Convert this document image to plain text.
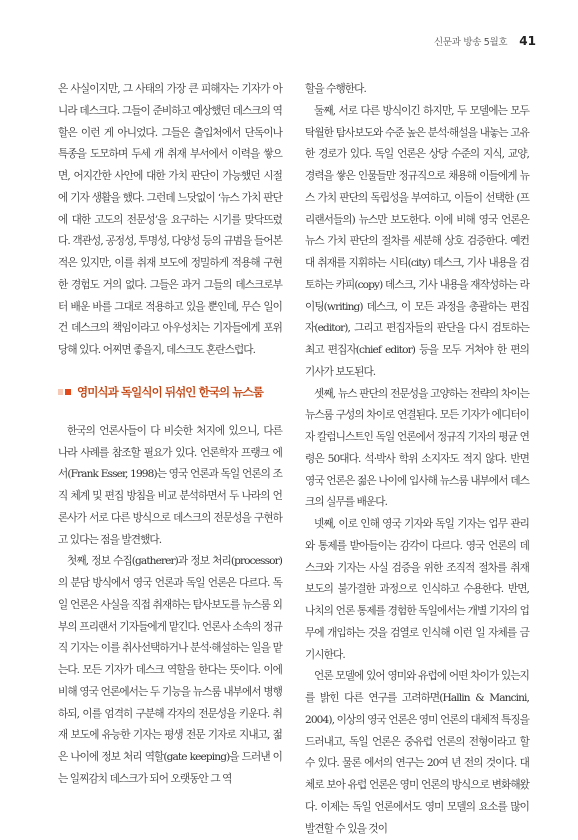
신문과 방송 5월호 41

은 사실이지만, 그 사태의 가장 큰 피해자는 기자가 아니라 데스크다. 그들이 준비하고 예상했던 데스크의 역할은 이런 게 아니었다. 그들은 출입처에서 단독이나 특종을 도모하며 두세 개 취재 부서에서 이력을 쌓으면, 어지간한 사안에 대한 가치 판단이 가능했던 시절에 기자 생활을 했다. 그런데 느닷없이 ‘뉴스 가치 판단에 대한 고도의 전문성’을 요구하는 시기를 맞닥뜨렸다. 객관성, 공정성, 투명성, 다양성 등의 규범을 들어본 적은 있지만, 이를 취재 보도에 정밀하게 적용해 구현한 경험도 거의 없다. 그들은 과거 그들의 데스크로부터 배운 바를 그대로 적용하고 있을 뿐인데, 무슨 일이건 데스크의 책임이라고 아우성치는 기자들에게 포위당해 있다. 어찌면 좋을지, 데스크도 혼란스럽다.

영미식과 독일식이 뒤섞인 한국의 뉴스룸

한국의 언론사들이 다 비슷한 처지에 있으니, 다른 나라 사례를 참조할 필요가 있다. 언론학자 프랭크 에서(Frank Esser, 1998)는 영국 언론과 독일 언론의 조직 체계 및 편집 방침을 비교 분석하면서 두 나라의 언론사가 서로 다른 방식으로 데스크의 전문성을 구현하고 있다는 점을 발견했다.

첫째, 정보 수집(gatherer)과 정보 처리(processor)의 분담 방식에서 영국 언론과 독일 언론은 다르다. 독일 언론은 사실을 직접 취재하는 탐사보도를 뉴스룸 외부의 프리랜서 기자들에게 맡긴다. 언론사 소속의 정규직 기자는 이를 취사선택하거나 분석·해설하는 일을 맡는다. 모든 기자가 데스크 역할을 한다는 뜻이다. 이에 비해 영국 언론에서는 두 기능을 뉴스룸 내부에서 병행하되, 이를 엄격히 구분해 각자의 전문성을 키운다. 취재 보도에 유능한 기자는 평생 전문 기자로 지내고, 젊은 나이에 정보 처리 역할(gate keeping)을 드러낸 이는 일찌감치 데스크가 되어 오랫동안 그 역

할을 수행한다.

둘째, 서로 다른 방식이긴 하지만, 두 모델에는 모두 탁월한 탐사보도와 수준 높은 분석·해설을 내놓는 고유한 경로가 있다. 독일 언론은 상당 수준의 지식, 교양, 경력을 쌓은 인물들만 정규직으로 채용해 이들에게 뉴스 가치 판단의 독립성을 부여하고, 이들이 선택한 (프리랜서들의) 뉴스만 보도한다. 이에 비해 영국 언론은 뉴스 가치 판단의 절차를 세분해 상호 검증한다. 예컨대 취재를 지휘하는 시티(city) 데스크, 기사 내용을 검토하는 카피(copy) 데스크, 기사 내용을 재작성하는 라이팅(writing) 데스크, 이 모든 과정을 총괄하는 편집자(editor), 그리고 편집자들의 판단을 다시 검토하는 최고 편집자(chief editor) 등을 모두 거쳐야 한 편의 기사가 보도된다.

셋째, 뉴스 판단의 전문성을 고양하는 전략의 차이는 뉴스룸 구성의 차이로 연결된다. 모든 기자가 에디터이자 칼럼니스트인 독일 언론에서 정규직 기자의 평균 연령은 50대다. 석·박사 학위 소지자도 적지 않다. 반면 영국 언론은 젊은 나이에 입사해 뉴스룸 내부에서 데스크의 실무를 배운다.

넷째, 이로 인해 영국 기자와 독일 기자는 업무 관리와 통제를 받아들이는 감각이 다르다. 영국 언론의 데스크와 기자는 사실 검증을 위한 조직적 절차를 취재 보도의 불가결한 과정으로 인식하고 수용한다. 반면, 나치의 언론 통제를 경험한 독일에서는 개별 기자의 업무에 개입하는 것을 검열로 인식해 이런 일 자체를 금기시한다.

언론 모델에 있어 영미와 유럽에 어떤 차이가 있는지를 밝힌 다른 연구를 고려하면(Hallin & Mancini, 2004), 이상의 영국 언론은 영미 언론의 대체적 특징을 드러내고, 독일 언론은 중유럽 언론의 전형이라고 할 수 있다. 물론 에서의 연구는 20여 년 전의 것이다. 대체로 보아 유럽 언론은 영미 언론의 방식으로 변화해왔다. 이제는 독일 언론에서도 영미 모델의 요소를 많이 발견할 수 있을 것이
